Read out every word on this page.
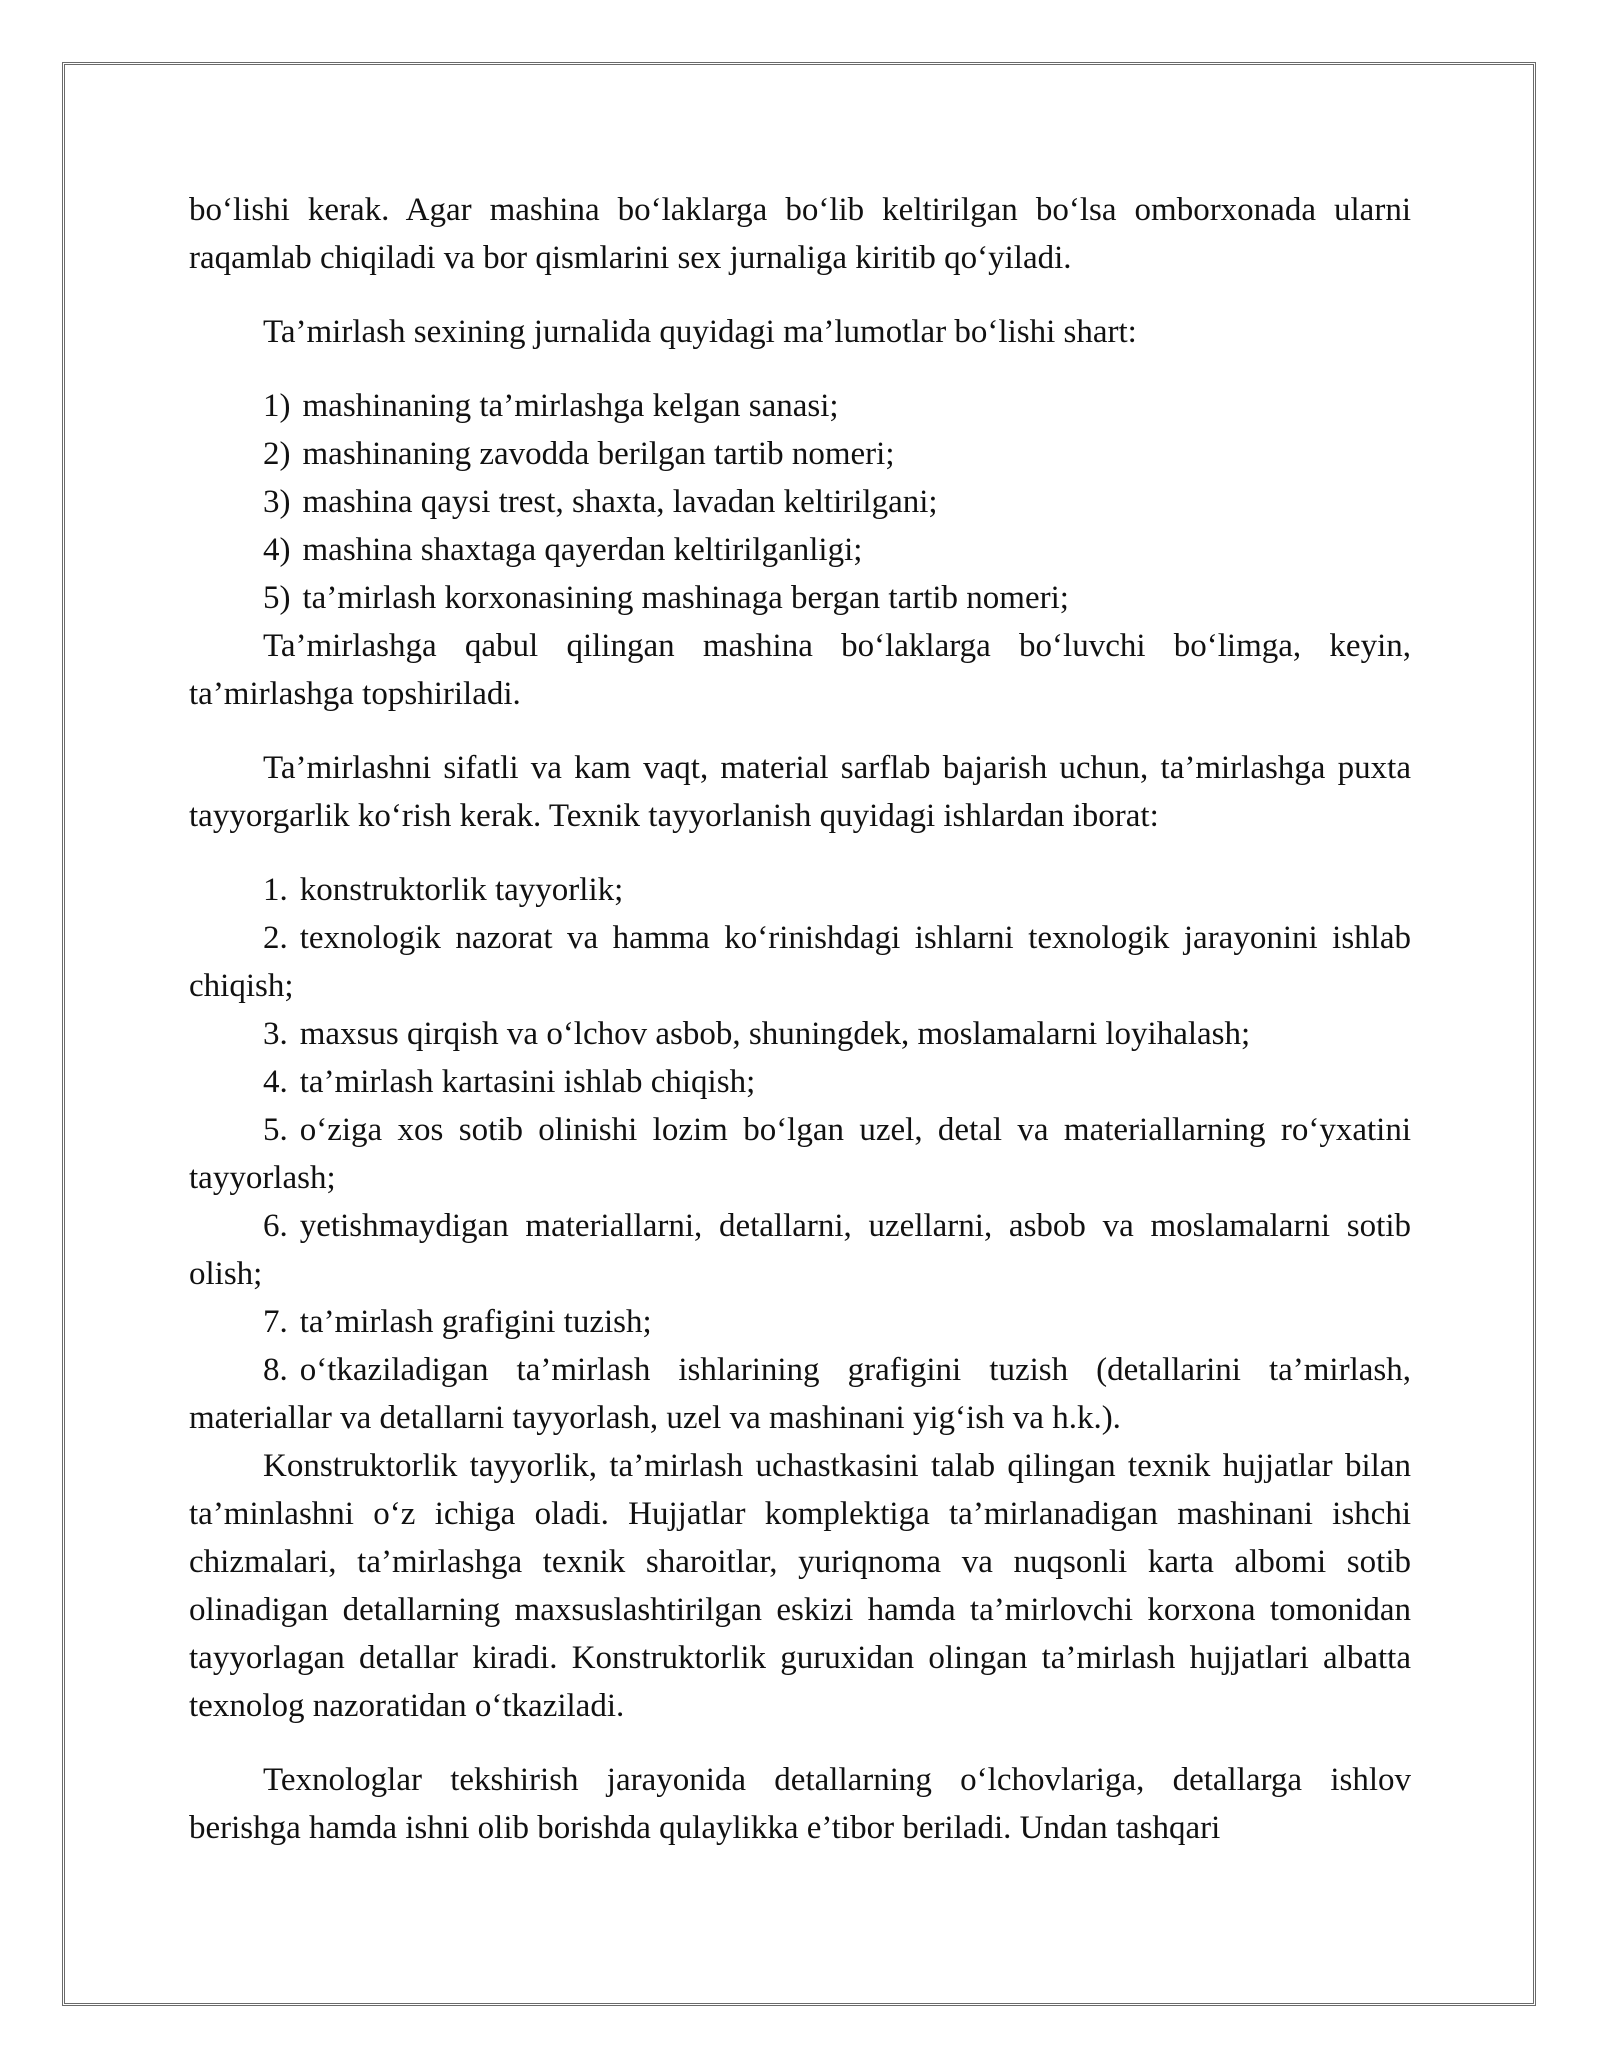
bo‘lishi kerak. Agar mashina bo‘laklarga bo‘lib keltirilgan bo‘lsa omborxonada ularni raqamlab chiqiladi va bor qismlarini sex jurnaliga kiritib qo‘yiladi.

Ta’mirlash sexining jurnalida quyidagi ma’lumotlar bo‘lishi shart:

1) mashinaning ta’mirlashga kelgan sanasi;

2) mashinaning zavodda berilgan tartib nomeri;

3) mashina qaysi trest, shaxta, lavadan keltirilgani;

4) mashina shaxtaga qayerdan keltirilganligi;

5) ta’mirlash korxonasining mashinaga bergan tartib nomeri;

Ta’mirlashga qabul qilingan mashina bo‘laklarga bo‘luvchi bo‘limga, keyin, ta’mirlashga topshiriladi.

Ta’mirlashni sifatli va kam vaqt, material sarflab bajarish uchun, ta’mirlashga puxta tayyorgarlik ko‘rish kerak. Texnik tayyorlanish quyidagi ishlardan iborat:

1. konstruktorlik tayyorlik;

2. texnologik nazorat va hamma ko‘rinishdagi ishlarni texnologik jarayonini ishlab chiqish;

3. maxsus qirqish va o‘lchov asbob, shuningdek, moslamalarni loyihalash;

4. ta’mirlash kartasini ishlab chiqish;

5. o‘ziga xos sotib olinishi lozim bo‘lgan uzel, detal va materiallarning ro‘yxatini tayyorlash;

6. yetishmaydigan materiallarni, detallarni, uzellarni, asbob va moslamalarni sotib olish;

7. ta’mirlash grafigini tuzish;

8. o‘tkaziladigan ta’mirlash ishlarining grafigini tuzish (detallarini ta’mirlash, materiallar va detallarni tayyorlash, uzel va mashinani yig‘ish va h.k.).

Konstruktorlik tayyorlik, ta’mirlash uchastkasini talab qilingan texnik hujjatlar bilan ta’minlashni o‘z ichiga oladi. Hujjatlar komplektiga ta’mirlanadigan mashinani ishchi chizmalari, ta’mirlashga texnik sharoitlar, yuriqnoma va nuqsonli karta albomi sotib olinadigan detallarning maxsuslashtirilgan eskizi hamda ta’mirlovchi korxona tomonidan tayyorlagan detallar kiradi. Konstruktorlik guruxidan olingan ta’mirlash hujjatlari albatta texnolog nazoratidan o‘tkaziladi.

Texnologlar tekshirish jarayonida detallarning o‘lchovlariga, detallarga ishlov berishga hamda ishni olib borishda qulaylikka e’tibor beriladi. Undan tashqari
